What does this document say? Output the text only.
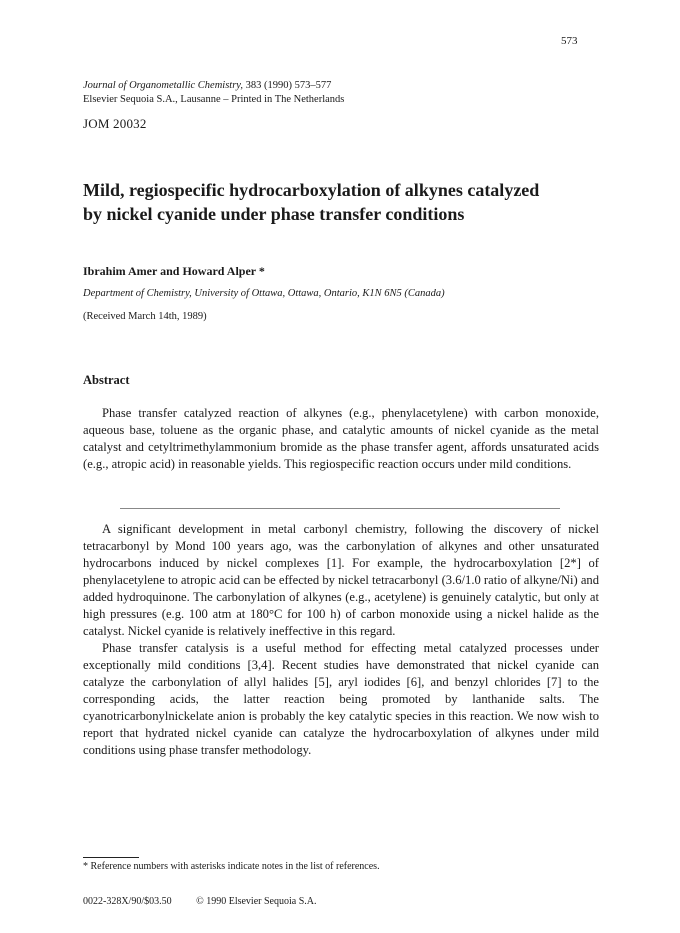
573
Journal of Organometallic Chemistry, 383 (1990) 573–577
Elsevier Sequoia S.A., Lausanne – Printed in The Netherlands
JOM 20032
Mild, regiospecific hydrocarboxylation of alkynes catalyzed
by nickel cyanide under phase transfer conditions
Ibrahim Amer and Howard Alper *
Department of Chemistry, University of Ottawa, Ottawa, Ontario, K1N 6N5 (Canada)
(Received March 14th, 1989)
Abstract
Phase transfer catalyzed reaction of alkynes (e.g., phenylacetylene) with carbon monoxide, aqueous base, toluene as the organic phase, and catalytic amounts of nickel cyanide as the metal catalyst and cetyltrimethylammonium bromide as the phase transfer agent, affords unsaturated acids (e.g., atropic acid) in reasonable yields. This regiospecific reaction occurs under mild conditions.

A significant development in metal carbonyl chemistry, following the discovery of nickel tetracarbonyl by Mond 100 years ago, was the carbonylation of alkynes and other unsaturated hydrocarbons induced by nickel complexes [1]. For example, the hydrocarboxylation [2*] of phenylacetylene to atropic acid can be effected by nickel tetracarbonyl (3.6/1.0 ratio of alkyne/Ni) and added hydroquinone. The carbonylation of alkynes (e.g., acetylene) is genuinely catalytic, but only at high pressures (e.g. 100 atm at 180°C for 100 h) of carbon monoxide using a nickel halide as the catalyst. Nickel cyanide is relatively ineffective in this regard.

Phase transfer catalysis is a useful method for effecting metal catalyzed processes under exceptionally mild conditions [3,4]. Recent studies have demonstrated that nickel cyanide can catalyze the carbonylation of allyl halides [5], aryl iodides [6], and benzyl chlorides [7] to the corresponding acids, the latter reaction being promoted by lanthanide salts. The cyanotricarbonylnickelate anion is probably the key catalytic species in this reaction. We now wish to report that hydrated nickel cyanide can catalyze the hydrocarboxylation of alkynes under mild conditions using phase transfer methodology.

* Reference numbers with asterisks indicate notes in the list of references.
0022-328X/90/$03.50 © 1990 Elsevier Sequoia S.A.
